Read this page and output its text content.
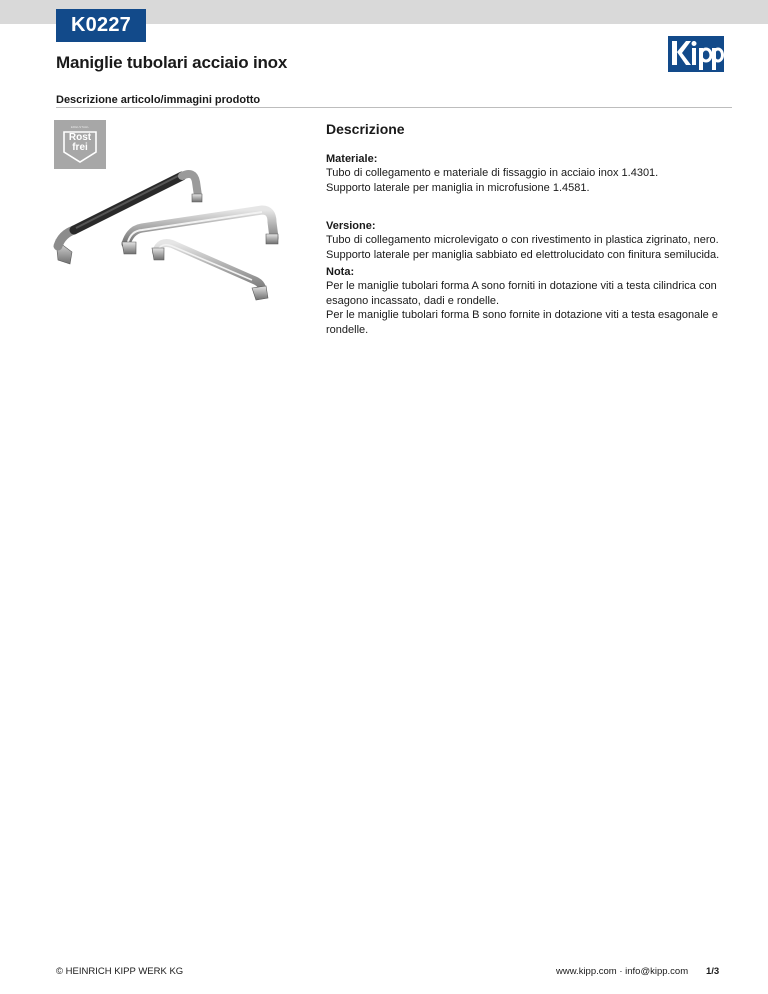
K0227
Maniglie tubolari acciaio inox
Descrizione articolo/immagini prodotto
EDELSTAHL
Rost
frei
Descrizione
Materiale:

Tubo di collegamento e materiale di fissaggio in acciaio inox 1.4301.

Supporto laterale per maniglia in microfusione 1.4581.

Versione:

Tubo di collegamento microlevigato o con rivestimento in plastica zigrinato, nero.

Supporto laterale per maniglia sabbiato ed elettrolucidato con finitura semilucida.

Nota:

Per le maniglie tubolari forma A sono forniti in dotazione viti a testa cilindrica con

esagono incassato, dadi e rondelle.

Per le maniglie tubolari forma B sono fornite in dotazione viti a testa esagonale e

rondelle.

© HEINRICH KIPP WERK KG	www.kipp.com · info@kipp.com 1/3
